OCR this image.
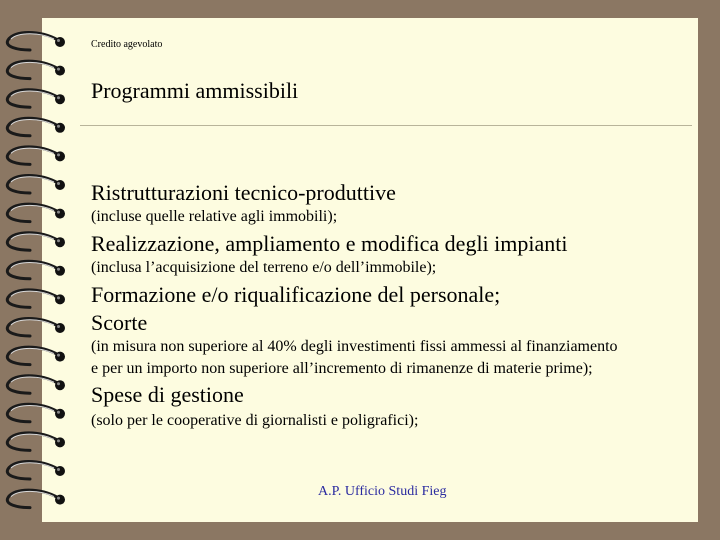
Credito agevolato
Programmi ammissibili
Ristrutturazioni tecnico-produttive
(incluse quelle relative agli immobili);
Realizzazione, ampliamento e modifica degli impianti
(inclusa l’acquisizione del terreno e/o dell’immobile);
Formazione e/o riqualificazione del personale;
Scorte
(in misura non superiore al 40% degli investimenti fissi ammessi al finanziamento
e per un importo non superiore all’incremento di rimanenze di materie prime);
Spese di gestione
(solo per le cooperative di giornalisti e poligrafici);
A.P. Ufficio Studi Fieg
